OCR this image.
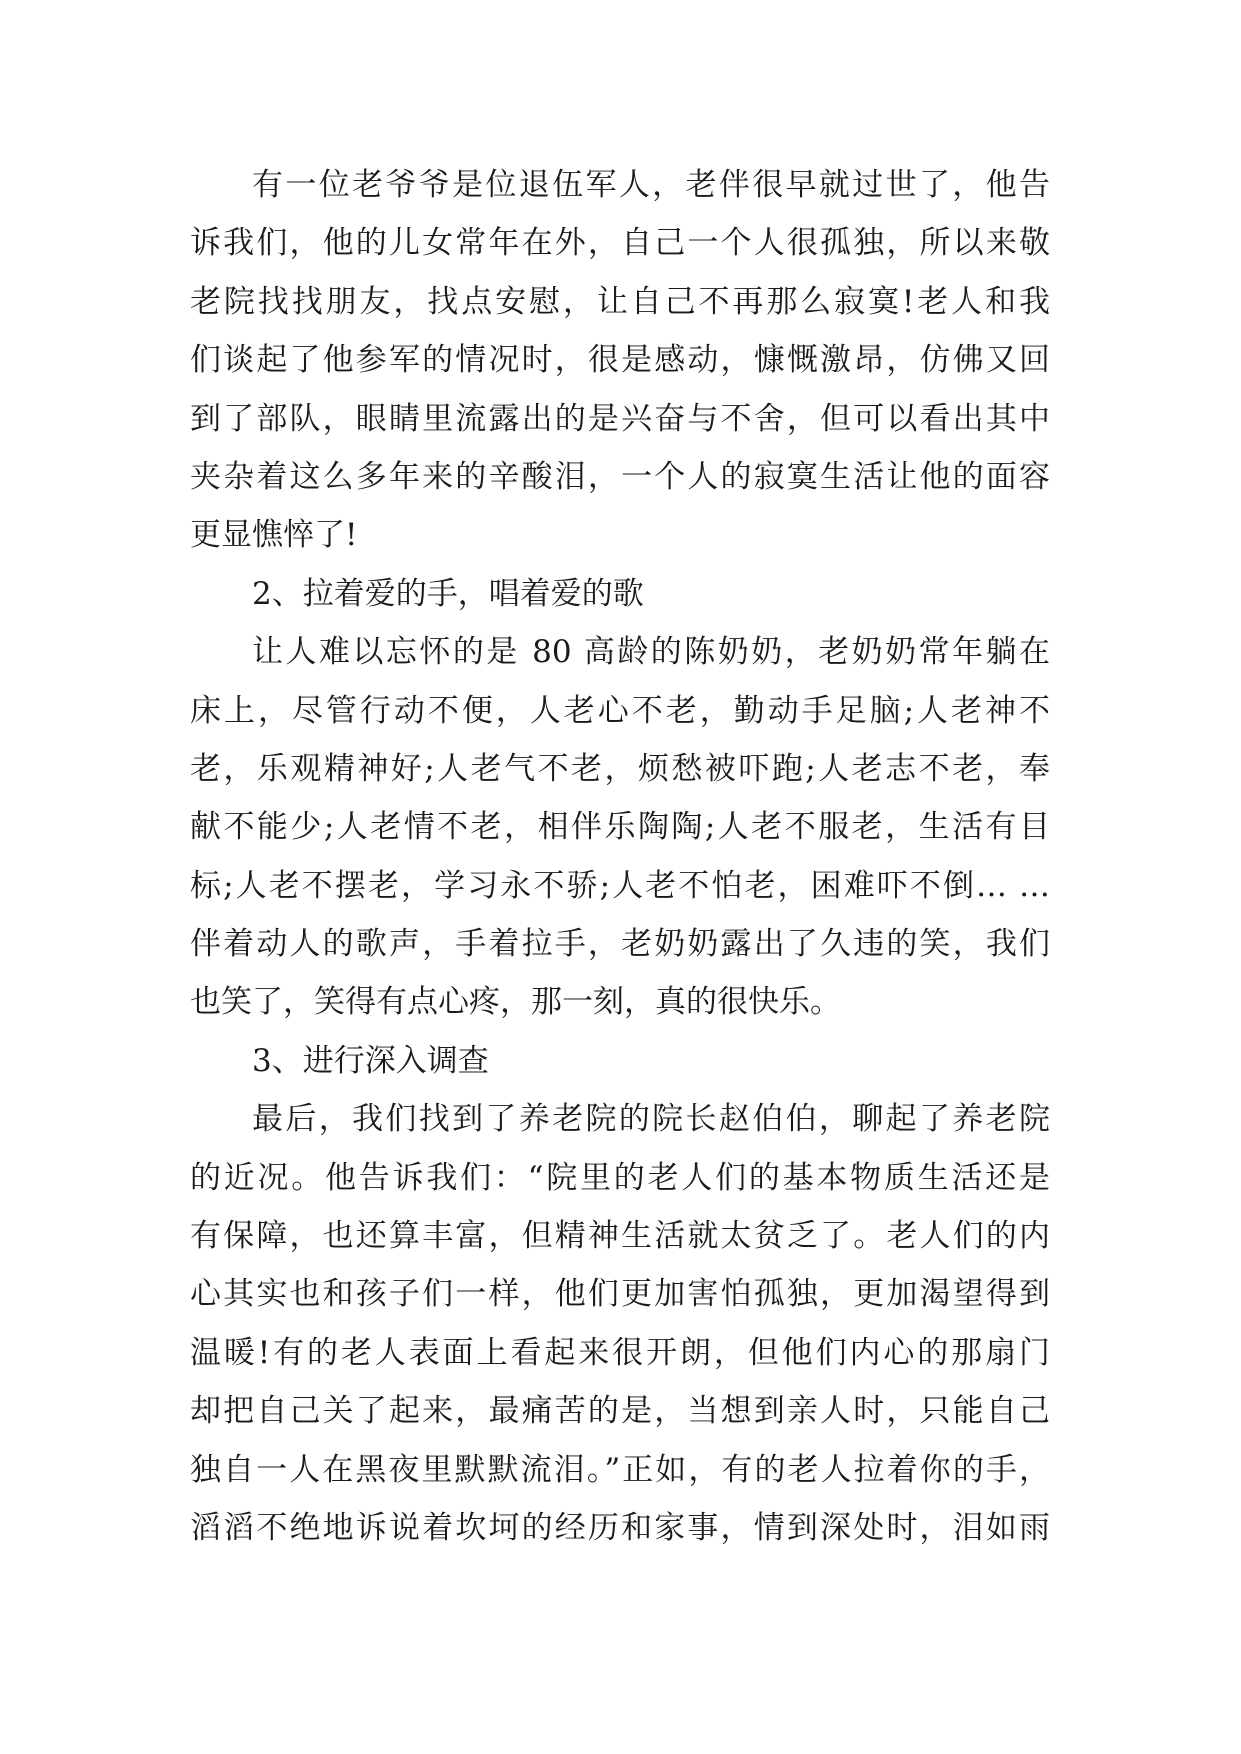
有一位老爷爷是位退伍军人，老伴很早就过世了，他告
诉我们，他的儿女常年在外，自己一个人很孤独，所以来敬
老院找找朋友，找点安慰，让自己不再那么寂寞!老人和我
们谈起了他参军的情况时，很是感动，慷慨激昂，仿佛又回
到了部队，眼睛里流露出的是兴奋与不舍，但可以看出其中
夹杂着这么多年来的辛酸泪，一个人的寂寞生活让他的面容
更显憔悴了!
2、拉着爱的手，唱着爱的歌
让人难以忘怀的是 80 高龄的陈奶奶，老奶奶常年躺在
床上，尽管行动不便，人老心不老，勤动手足脑;人老神不
老，乐观精神好;人老气不老，烦愁被吓跑;人老志不老，奉
献不能少;人老情不老，相伴乐陶陶;人老不服老，生活有目
标;人老不摆老，学习永不骄;人老不怕老，困难吓不倒… …
伴着动人的歌声，手着拉手，老奶奶露出了久违的笑，我们
也笑了，笑得有点心疼，那一刻，真的很快乐。
3、进行深入调查
最后，我们找到了养老院的院长赵伯伯，聊起了养老院
的近况。他告诉我们：“院里的老人们的基本物质生活还是
有保障，也还算丰富，但精神生活就太贫乏了。老人们的内
心其实也和孩子们一样，他们更加害怕孤独，更加渴望得到
温暖!有的老人表面上看起来很开朗，但他们内心的那扇门
却把自己关了起来，最痛苦的是，当想到亲人时，只能自己
独自一人在黑夜里默默流泪。”正如，有的老人拉着你的手，
滔滔不绝地诉说着坎坷的经历和家事，情到深处时，泪如雨
